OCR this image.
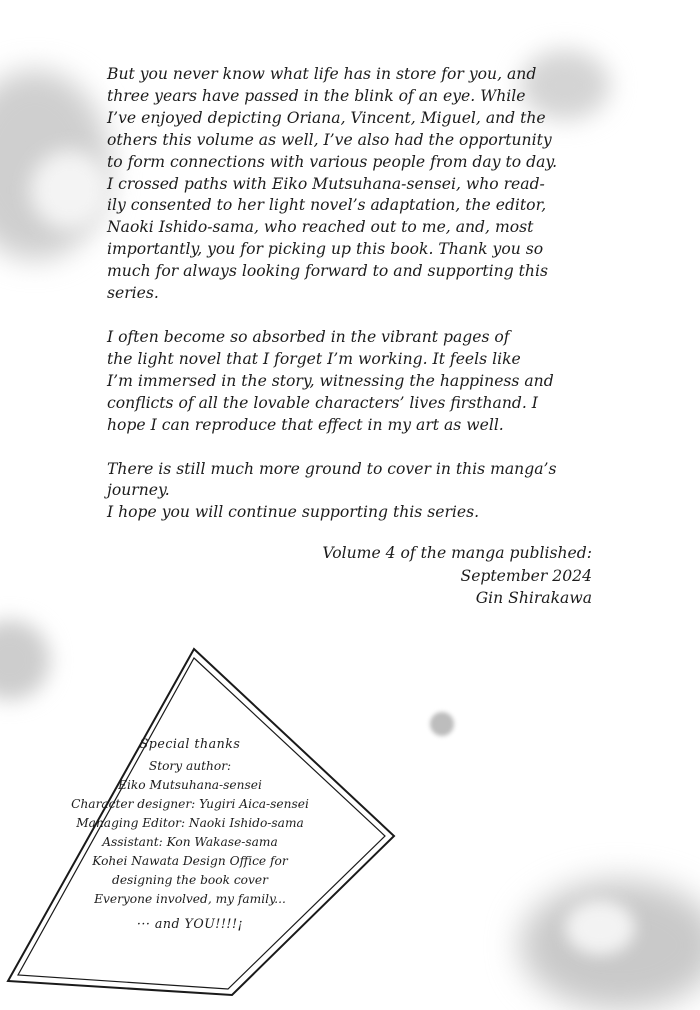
But you never know what life has in store for you, and
three years have passed in the blink of an eye. While
I’ve enjoyed depicting Oriana, Vincent, Miguel, and the
others this volume as well, I’ve also had the opportunity
to form connections with various people from day to day.
I crossed paths with Eiko Mutsuhana-sensei, who read-
ily consented to her light novel’s adaptation, the editor,
Naoki Ishido-sama, who reached out to me, and, most
importantly, you for picking up this book. Thank you so
much for always looking forward to and supporting this
series.
I often become so absorbed in the vibrant pages of
the light novel that I forget I’m working. It feels like
I’m immersed in the story, witnessing the happiness and
conflicts of all the lovable characters’ lives firsthand. I
hope I can reproduce that effect in my art as well.
There is still much more ground to cover in this manga’s
journey.
I hope you will continue supporting this series.
Volume 4 of the manga published:
September 2024
Gin Shirakawa
Special thanks
Story author:
Eiko Mutsuhana-sensei
Character designer: Yugiri Aica-sensei
Managing Editor: Naoki Ishido-sama
Assistant: Kon Wakase-sama
Kohei Nawata Design Office for
designing the book cover
Everyone involved, my family...
··· and YOU!!!!¡
